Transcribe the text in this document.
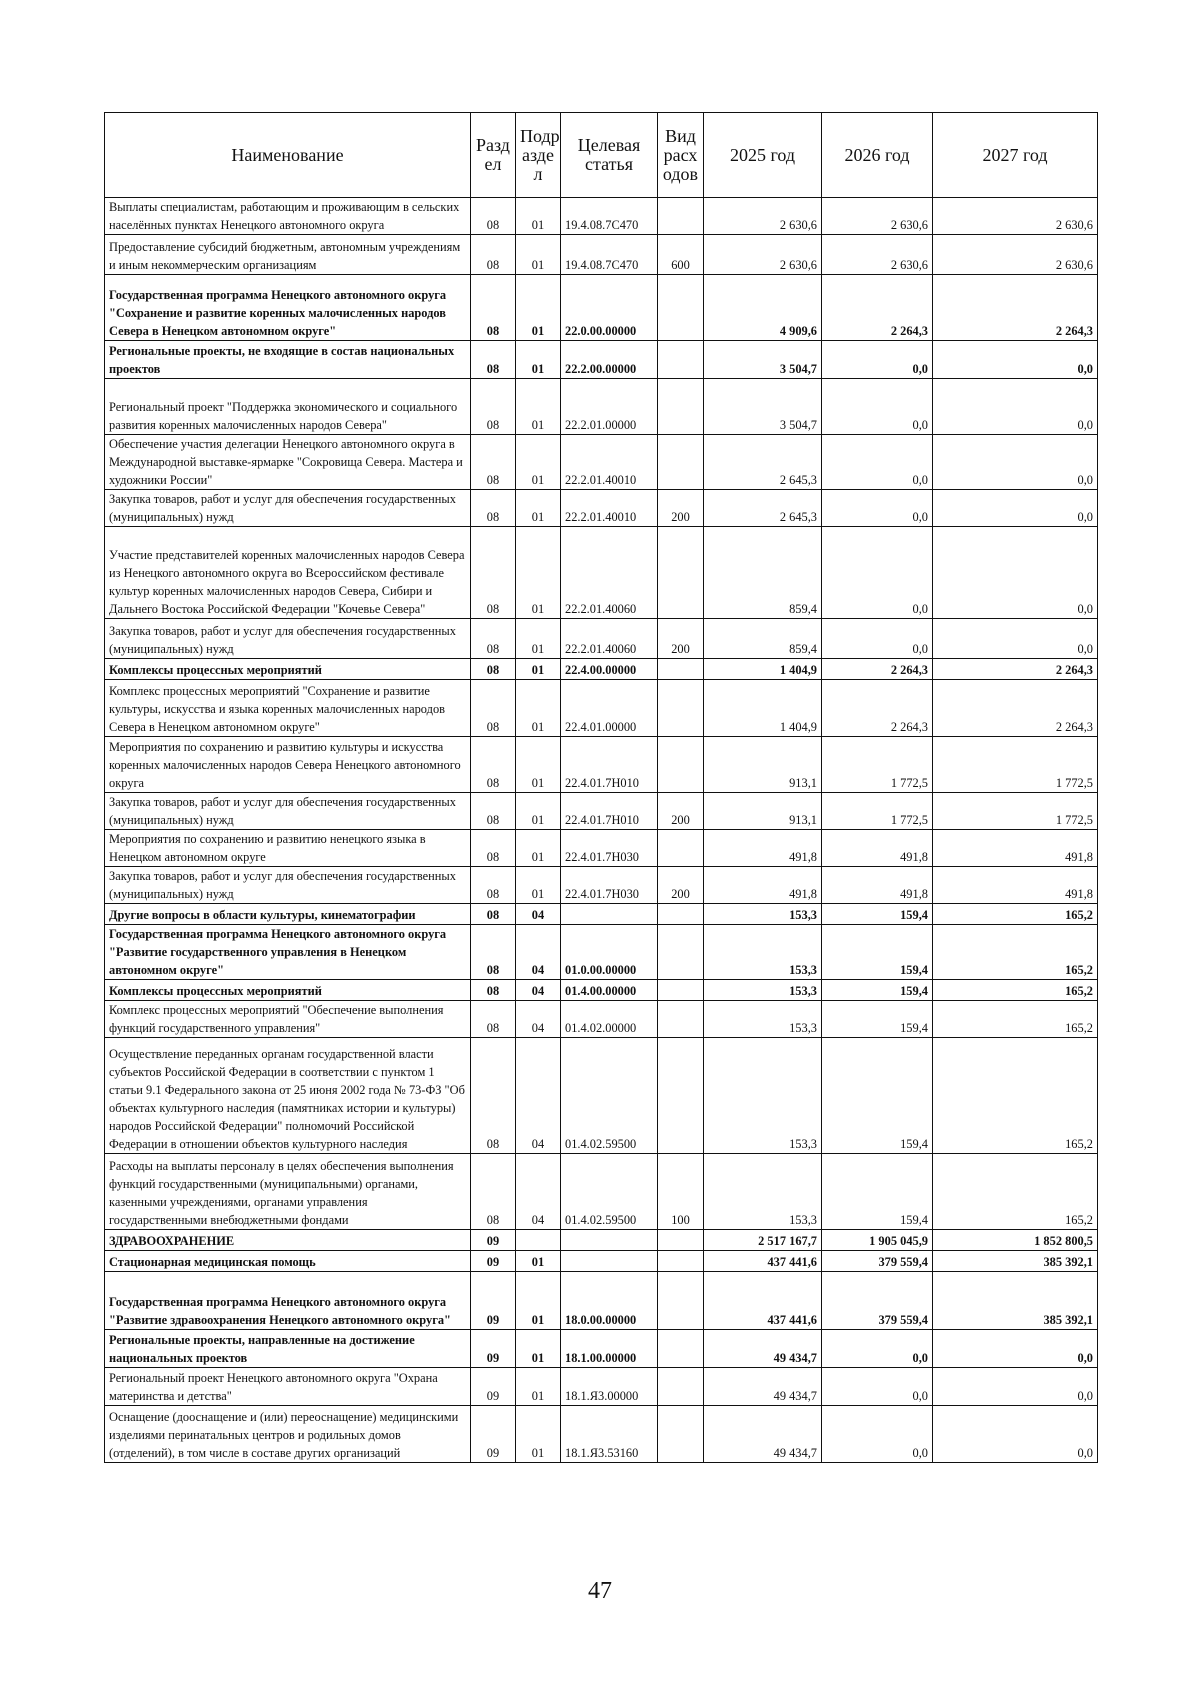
Наименование	Разд ел	Подр азде л	Целевая статья	Вид расх одов	2025 год	2026 год	2027 год
Выплаты специалистам, работающим и проживающим в сельских населённых пунктах Ненецкого автономного округа	08	01	19.4.08.7С470		2 630,6	2 630,6	2 630,6
Предоставление субсидий бюджетным, автономным учреждениям и иным некоммерческим организациям	08	01	19.4.08.7С470	600	2 630,6	2 630,6	2 630,6
Государственная программа Ненецкого автономного округа "Сохранение и развитие коренных малочисленных народов Севера в Ненецком автономном округе"	08	01	22.0.00.00000		4 909,6	2 264,3	2 264,3
Региональные проекты, не входящие в состав национальных проектов	08	01	22.2.00.00000		3 504,7	0,0	0,0
Региональный проект "Поддержка экономического и социального развития коренных малочисленных народов Севера"	08	01	22.2.01.00000		3 504,7	0,0	0,0
Обеспечение участия делегации Ненецкого автономного округа в Международной выставке-ярмарке "Сокровища Севера. Мастера и художники России"	08	01	22.2.01.40010		2 645,3	0,0	0,0
Закупка товаров, работ и услуг для обеспечения государственных (муниципальных) нужд	08	01	22.2.01.40010	200	2 645,3	0,0	0,0
Участие представителей коренных малочисленных народов Севера из Ненецкого автономного округа во Всероссийском фестивале культур коренных малочисленных народов Севера, Сибири и Дальнего Востока Российской Федерации "Кочевье Севера"	08	01	22.2.01.40060		859,4	0,0	0,0
Закупка товаров, работ и услуг для обеспечения государственных (муниципальных) нужд	08	01	22.2.01.40060	200	859,4	0,0	0,0
Комплексы процессных мероприятий	08	01	22.4.00.00000		1 404,9	2 264,3	2 264,3
Комплекс процессных мероприятий "Сохранение и развитие культуры, искусства и языка коренных малочисленных народов Севера в Ненецком автономном округе"	08	01	22.4.01.00000		1 404,9	2 264,3	2 264,3
Мероприятия по сохранению и развитию культуры и искусства коренных малочисленных народов Севера Ненецкого автономного округа	08	01	22.4.01.7Н010		913,1	1 772,5	1 772,5
Закупка товаров, работ и услуг для обеспечения государственных (муниципальных) нужд	08	01	22.4.01.7Н010	200	913,1	1 772,5	1 772,5
Мероприятия по сохранению и развитию ненецкого языка в Ненецком автономном округе	08	01	22.4.01.7Н030		491,8	491,8	491,8
Закупка товаров, работ и услуг для обеспечения государственных (муниципальных) нужд	08	01	22.4.01.7Н030	200	491,8	491,8	491,8
Другие вопросы в области культуры, кинематографии	08	04			153,3	159,4	165,2
Государственная программа Ненецкого автономного округа "Развитие государственного управления в Ненецком автономном округе"	08	04	01.0.00.00000		153,3	159,4	165,2
Комплексы процессных мероприятий	08	04	01.4.00.00000		153,3	159,4	165,2
Комплекс процессных мероприятий "Обеспечение выполнения функций государственного управления"	08	04	01.4.02.00000		153,3	159,4	165,2
Осуществление переданных органам государственной власти субъектов Российской Федерации в соответствии с пунктом 1 статьи 9.1 Федерального закона от 25 июня 2002 года № 73-ФЗ "Об объектах культурного наследия (памятниках истории и культуры) народов Российской Федерации" полномочий Российской Федерации в отношении объектов культурного наследия	08	04	01.4.02.59500		153,3	159,4	165,2
Расходы на выплаты персоналу в целях обеспечения выполнения функций государственными (муниципальными) органами, казенными учреждениями, органами управления государственными внебюджетными фондами	08	04	01.4.02.59500	100	153,3	159,4	165,2
ЗДРАВООХРАНЕНИЕ	09				2 517 167,7	1 905 045,9	1 852 800,5
Стационарная медицинская помощь	09	01			437 441,6	379 559,4	385 392,1
Государственная программа Ненецкого автономного округа "Развитие здравоохранения Ненецкого автономного округа"	09	01	18.0.00.00000		437 441,6	379 559,4	385 392,1
Региональные проекты, направленные на достижение национальных проектов	09	01	18.1.00.00000		49 434,7	0,0	0,0
Региональный проект Ненецкого автономного округа "Охрана материнства и детства"	09	01	18.1.Я3.00000		49 434,7	0,0	0,0
Оснащение (дооснащение и (или) переоснащение) медицинскими изделиями перинатальных центров и родильных домов (отделений), в том числе в составе других организаций	09	01	18.1.Я3.53160		49 434,7	0,0	0,0
47
